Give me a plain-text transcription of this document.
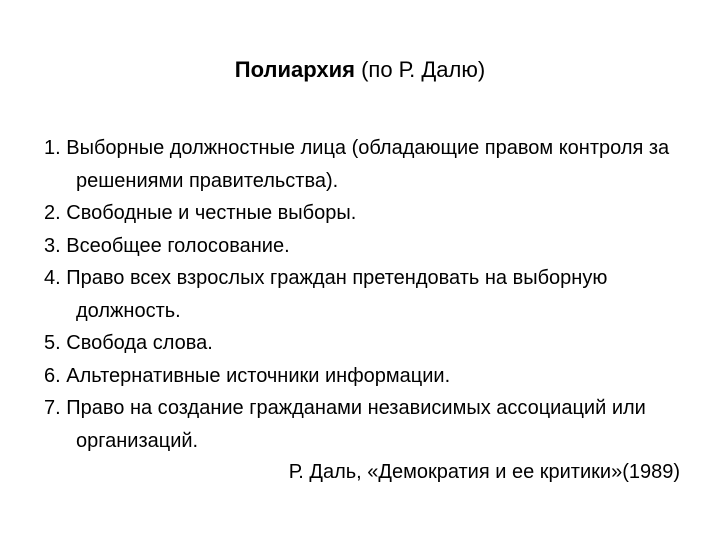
Полиархия (по Р. Далю)
1. Выборные должностные лица (обладающие правом контроля за решениями правительства).
2. Свободные и честные выборы.
3. Всеобщее голосование.
4. Право всех взрослых граждан претендовать на выборную должность.
5. Свобода слова.
6. Альтернативные источники информации.
7. Право на создание гражданами независимых ассоциаций или организаций.
Р. Даль, «Демократия и ее критики»(1989)
